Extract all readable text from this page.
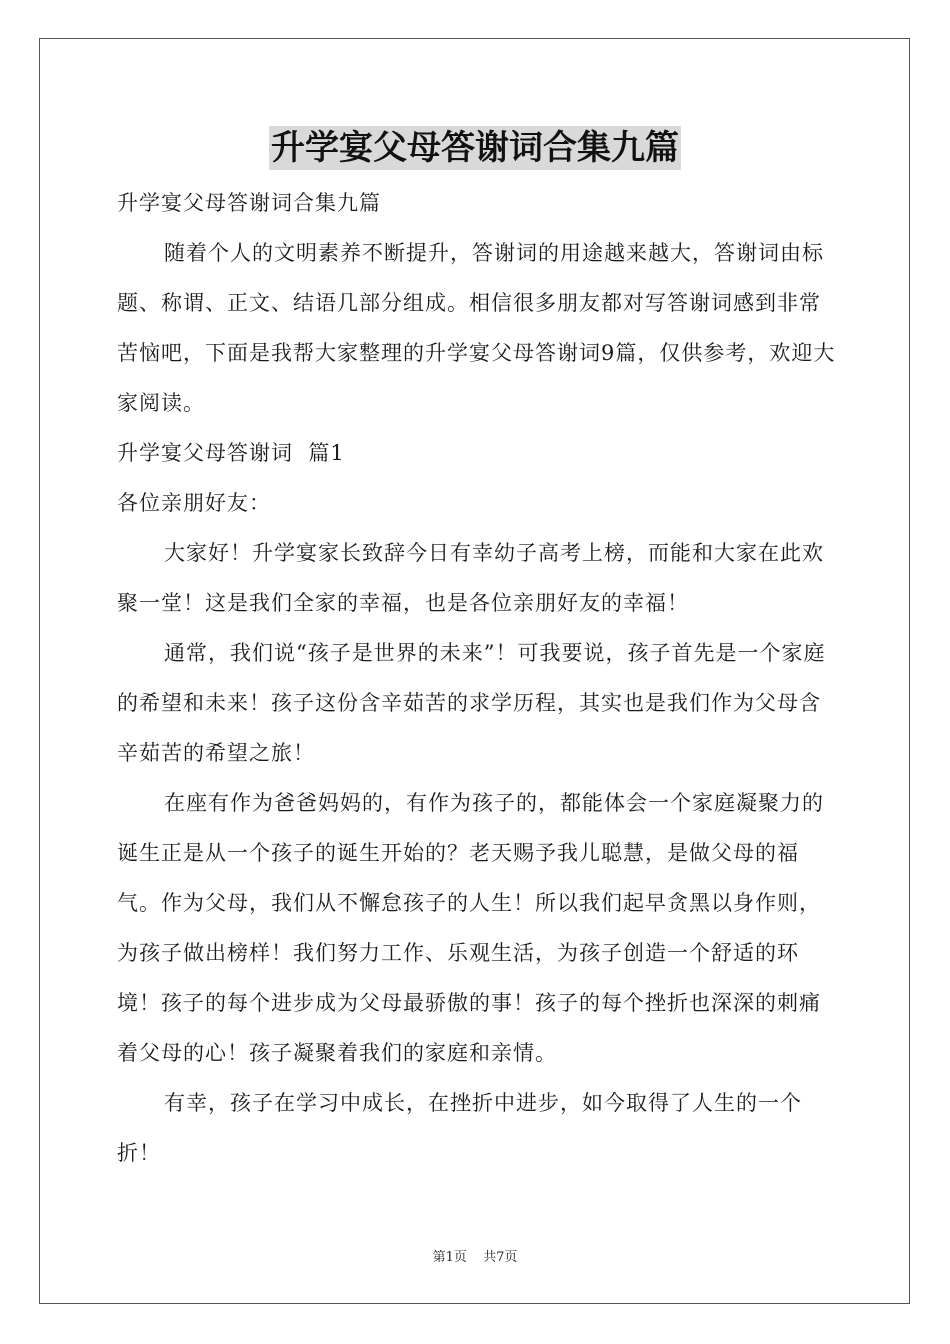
升学宴父母答谢词合集九篇

升学宴父母答谢词合集九篇

随着个人的文明素养不断提升，答谢词的用途越来越大，答谢词由标题、称谓、正文、结语几部分组成。相信很多朋友都对写答谢词感到非常苦恼吧，下面是我帮大家整理的升学宴父母答谢词9篇，仅供参考，欢迎大家阅读。

升学宴父母答谢词  篇1

各位亲朋好友：

大家好！升学宴家长致辞今日有幸幼子高考上榜，而能和大家在此欢聚一堂！这是我们全家的幸福，也是各位亲朋好友的幸福！

通常，我们说“孩子是世界的未来”！可我要说，孩子首先是一个家庭的希望和未来！孩子这份含辛茹苦的求学历程，其实也是我们作为父母含辛茹苦的希望之旅！

在座有作为爸爸妈妈的，有作为孩子的，都能体会一个家庭凝聚力的诞生正是从一个孩子的诞生开始的？老天赐予我儿聪慧，是做父母的福气。作为父母，我们从不懈怠孩子的人生！所以我们起早贪黑以身作则，为孩子做出榜样！我们努力工作、乐观生活，为孩子创造一个舒适的环境！孩子的每个进步成为父母最骄傲的事！孩子的每个挫折也深深的刺痛着父母的心！孩子凝聚着我们的家庭和亲情。

有幸，孩子在学习中成长，在挫折中进步，如今取得了人生的一个折！

第1页 共7页
